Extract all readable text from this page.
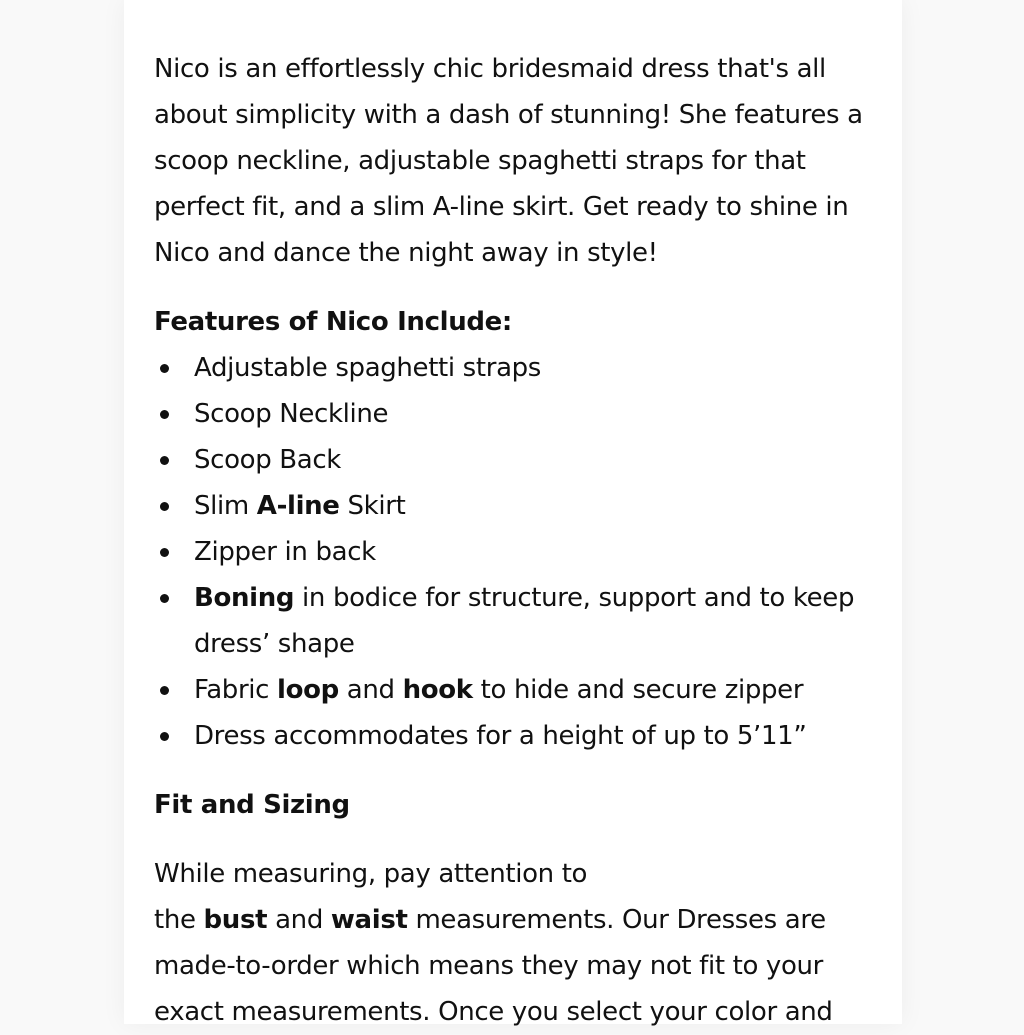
Nico is an effortlessly chic bridesmaid dress that's all about simplicity with a dash of stunning! She features a scoop neckline, adjustable spaghetti straps for that perfect fit, and a slim A-line skirt. Get ready to shine in Nico and dance the night away in style!

Features of Nico Include:

Adjustable spaghetti straps
Scoop Neckline
Scoop Back
Slim A-line Skirt
Zipper in back
Boning in bodice for structure, support and to keep dress’ shape
Fabric loop and hook to hide and secure zipper
Dress accommodates for a height of up to 5’11”

Fit and Sizing

While measuring, pay attention to

the bust and waist measurements. Our Dresses are made-to-order which means they may not fit to your exact measurements. Once you select your color and
